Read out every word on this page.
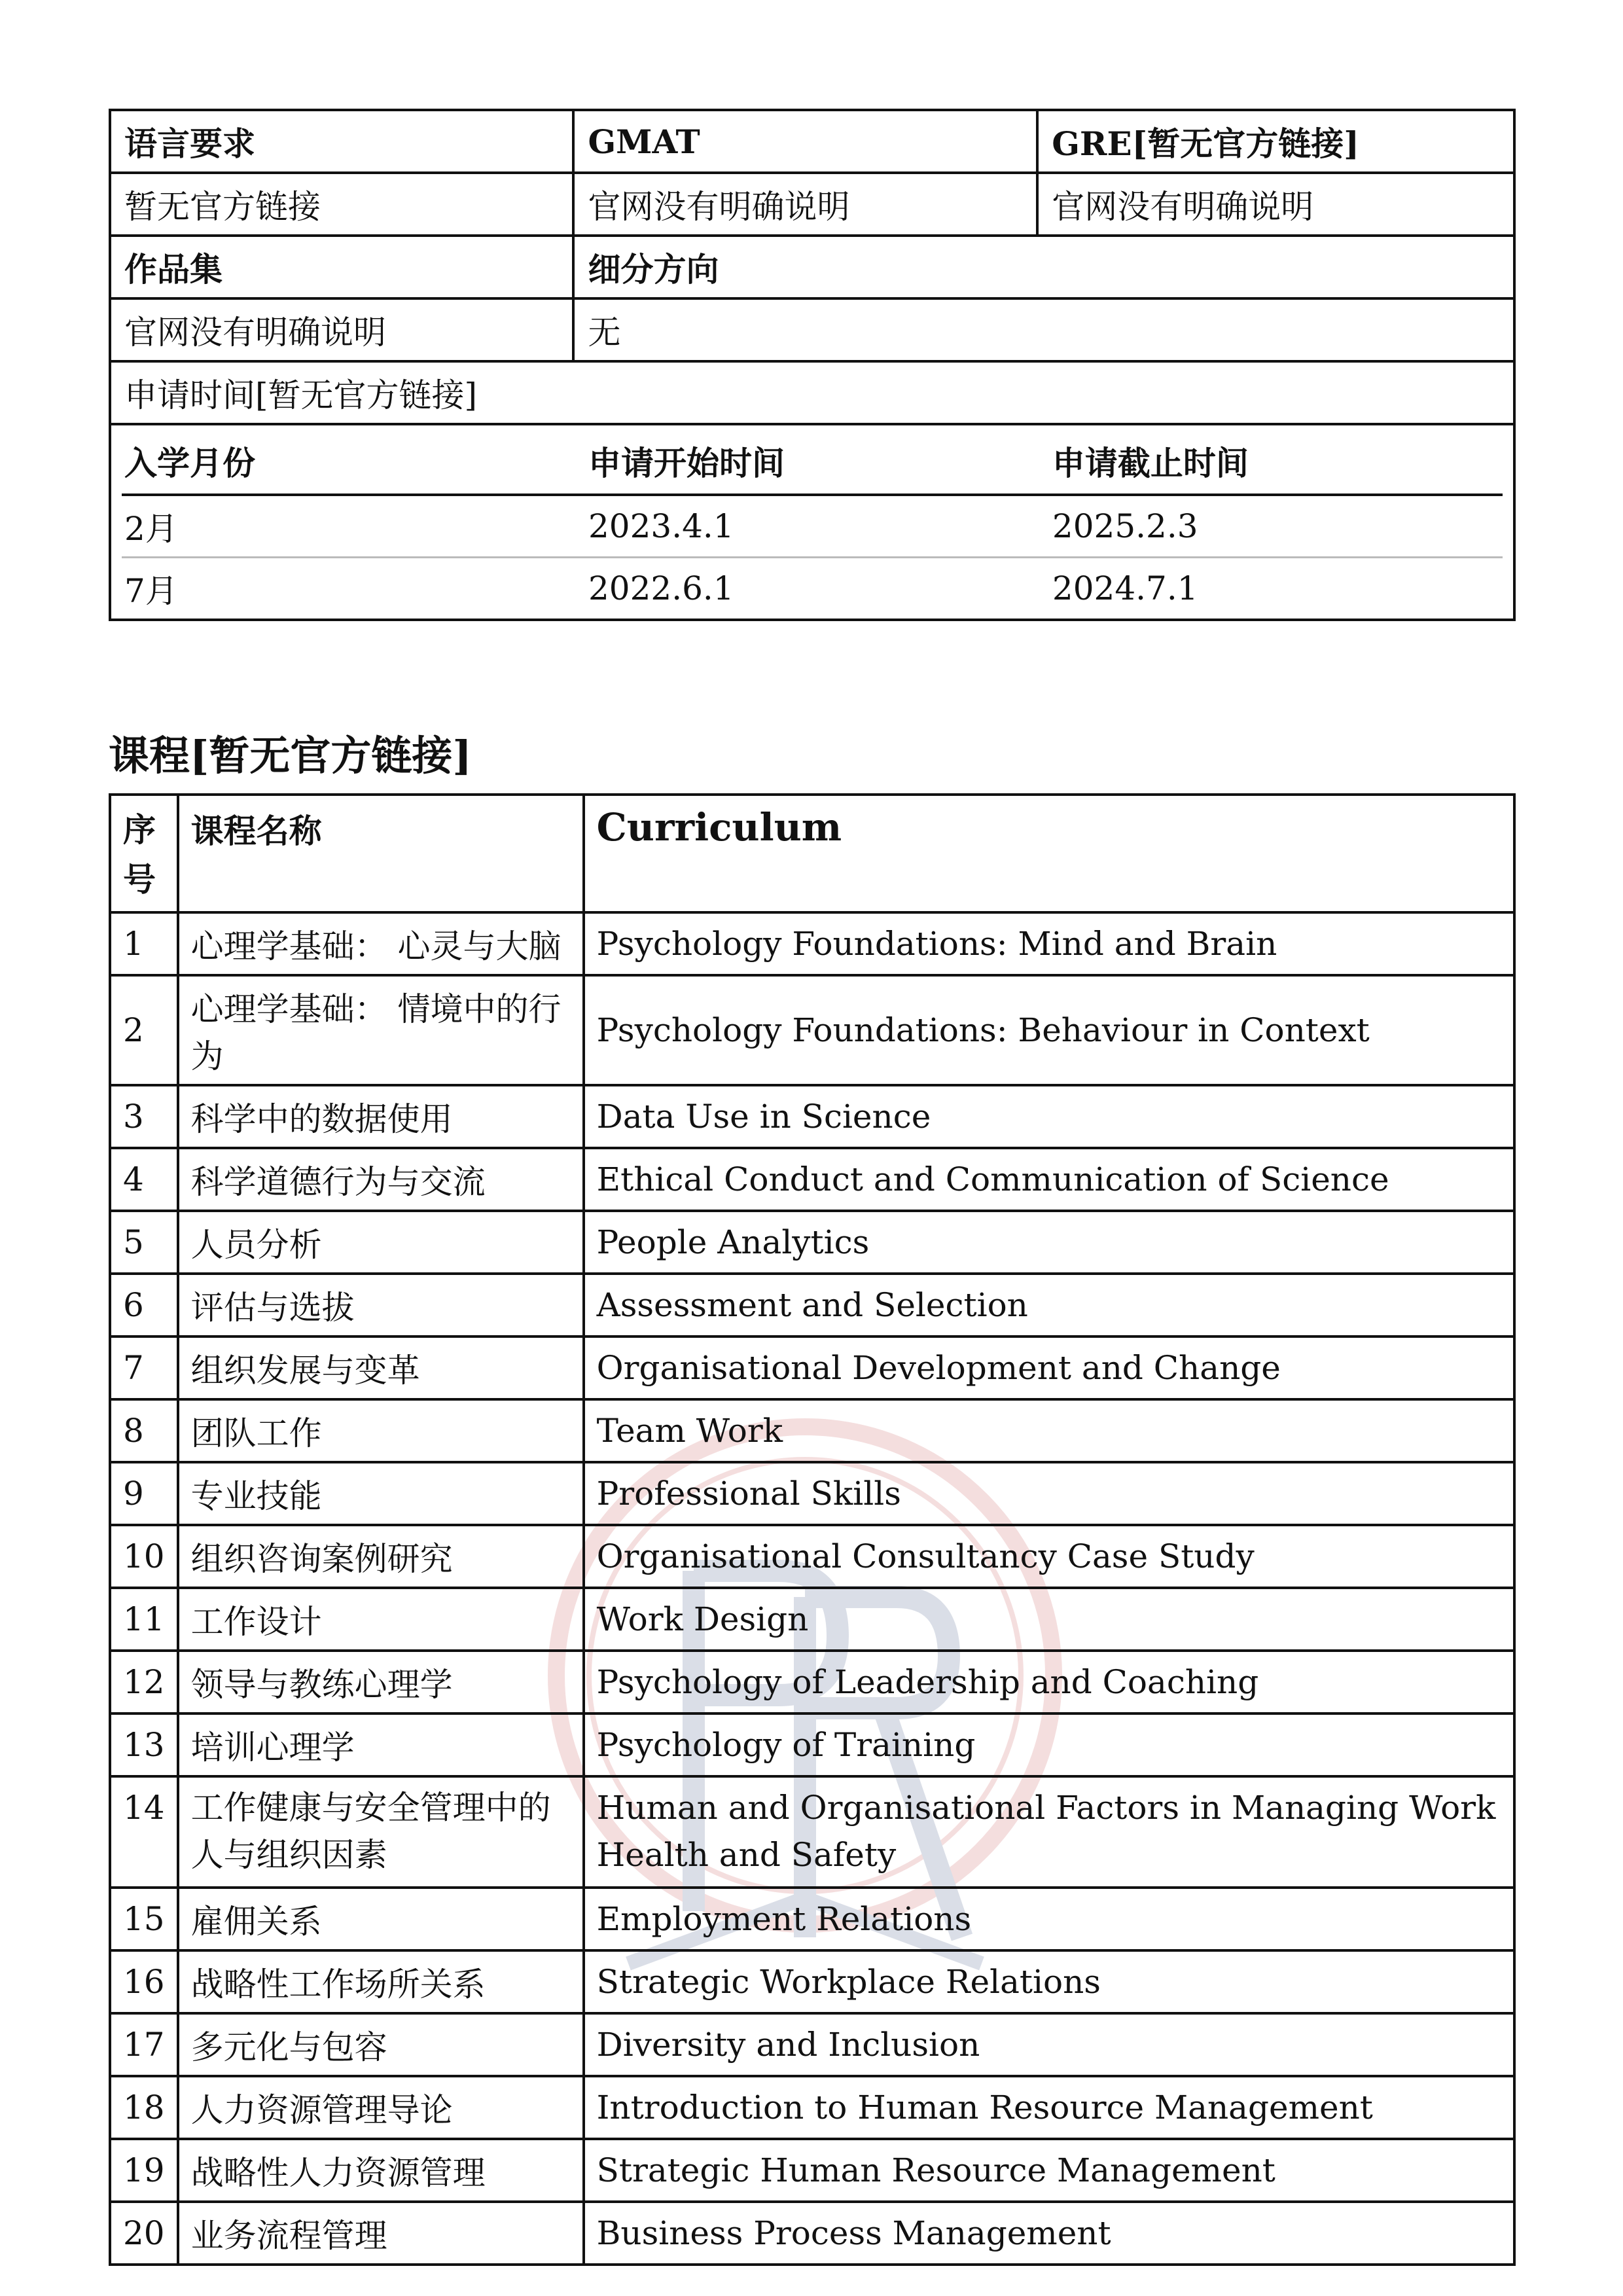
语言要求	GMAT	GRE[暂无官方链接]
暂无官方链接	官网没有明确说明	官网没有明确说明
作品集	细分方向
官网没有明确说明	无
申请时间[暂无官方链接]

入学月份	申请开始时间	申请截止时间
2月	2023.4.1	2025.2.3
7月	2022.6.1	2024.7.1
课程[暂无官方链接]
序号	课程名称	Curriculum
1	心理学基础： 心灵与大脑	Psychology Foundations: Mind and Brain
2	心理学基础： 情境中的行为	Psychology Foundations: Behaviour in Context
3	科学中的数据使用	Data Use in Science
4	科学道德行为与交流	Ethical Conduct and Communication of Science
5	人员分析	People Analytics
6	评估与选拔	Assessment and Selection
7	组织发展与变革	Organisational Development and Change
8	团队工作	Team Work
9	专业技能	Professional Skills
10	组织咨询案例研究	Organisational Consultancy Case Study
11	工作设计	Work Design
12	领导与教练心理学	Psychology of Leadership and Coaching
13	培训心理学	Psychology of Training
14	工作健康与安全管理中的人与组织因素	Human and Organisational Factors in Managing Work Health and Safety
15	雇佣关系	Employment Relations
16	战略性工作场所关系	Strategic Workplace Relations
17	多元化与包容	Diversity and Inclusion
18	人力资源管理导论	Introduction to Human Resource Management
19	战略性人力资源管理	Strategic Human Resource Management
20	业务流程管理	Business Process Management
